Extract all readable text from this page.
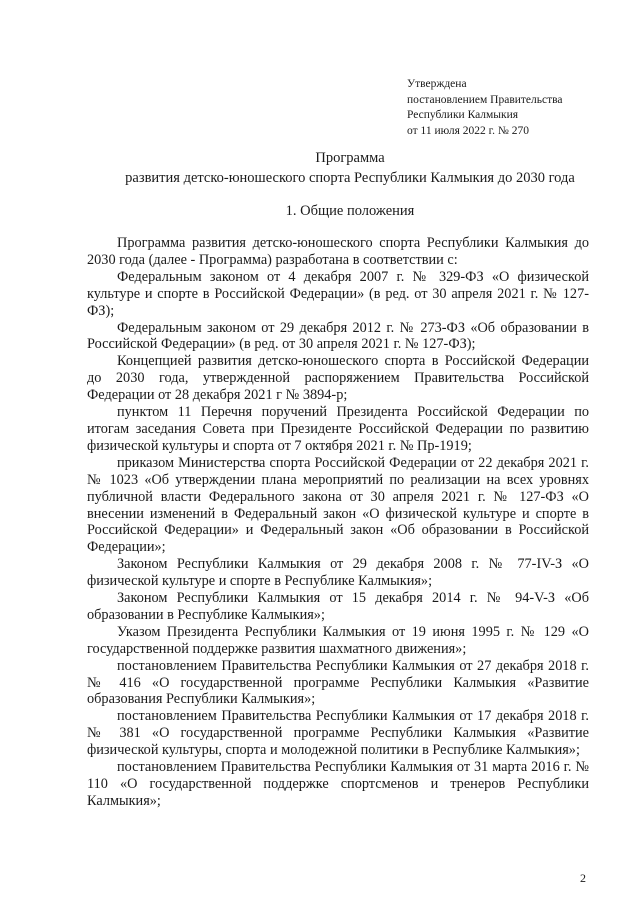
Утверждена
постановлением Правительства
Республики Калмыкия
от 11 июля 2022 г. № 270
Программа
развития детско-юношеского спорта Республики Калмыкия до 2030 года
1. Общие положения

Программа развития детско-юношеского спорта Республики Калмыкия до 2030 года (далее - Программа) разработана в соответствии с:

Федеральным законом от 4 декабря 2007 г. № 329-ФЗ «О физической культуре и спорте в Российской Федерации» (в ред. от 30 апреля 2021 г. № 127-ФЗ);

Федеральным законом от 29 декабря 2012 г. № 273-ФЗ «Об образовании в Российской Федерации» (в ред. от 30 апреля 2021 г. № 127-ФЗ);

Концепцией развития детско-юношеского спорта в Российской Федерации до 2030 года, утвержденной распоряжением Правительства Российской Федерации от 28 декабря 2021 г № 3894-р;

пунктом 11 Перечня поручений Президента Российской Федерации по итогам заседания Совета при Президенте Российской Федерации по развитию физической культуры и спорта от 7 октября 2021 г. № Пр-1919;

приказом Министерства спорта Российской Федерации от 22 декабря 2021 г. № 1023 «Об утверждении плана мероприятий по реализации на всех уровнях публичной власти Федерального закона от 30 апреля 2021 г. № 127-ФЗ «О внесении изменений в Федеральный закон «О физической культуре и спорте в Российской Федерации» и Федеральный закон «Об образовании в Российской Федерации»;

Законом Республики Калмыкия от 29 декабря 2008 г. № 77-IV-З «О физической культуре и спорте в Республике Калмыкия»;

Законом Республики Калмыкия от 15 декабря 2014 г. № 94-V-З «Об образовании в Республике Калмыкия»;

Указом Президента Республики Калмыкия от 19 июня 1995 г. № 129 «О государственной поддержке развития шахматного движения»;

постановлением Правительства Республики Калмыкия от 27 декабря 2018 г. № 416 «О государственной программе Республики Калмыкия «Развитие образования Республики Калмыкия»;

постановлением Правительства Республики Калмыкия от 17 декабря 2018 г. № 381 «О государственной программе Республики Калмыкия «Развитие физической культуры, спорта и молодежной политики в Республике Калмыкия»;

постановлением Правительства Республики Калмыкия от 31 марта 2016 г. № 110 «О государственной поддержке спортсменов и тренеров Республики Калмыкия»;

2
